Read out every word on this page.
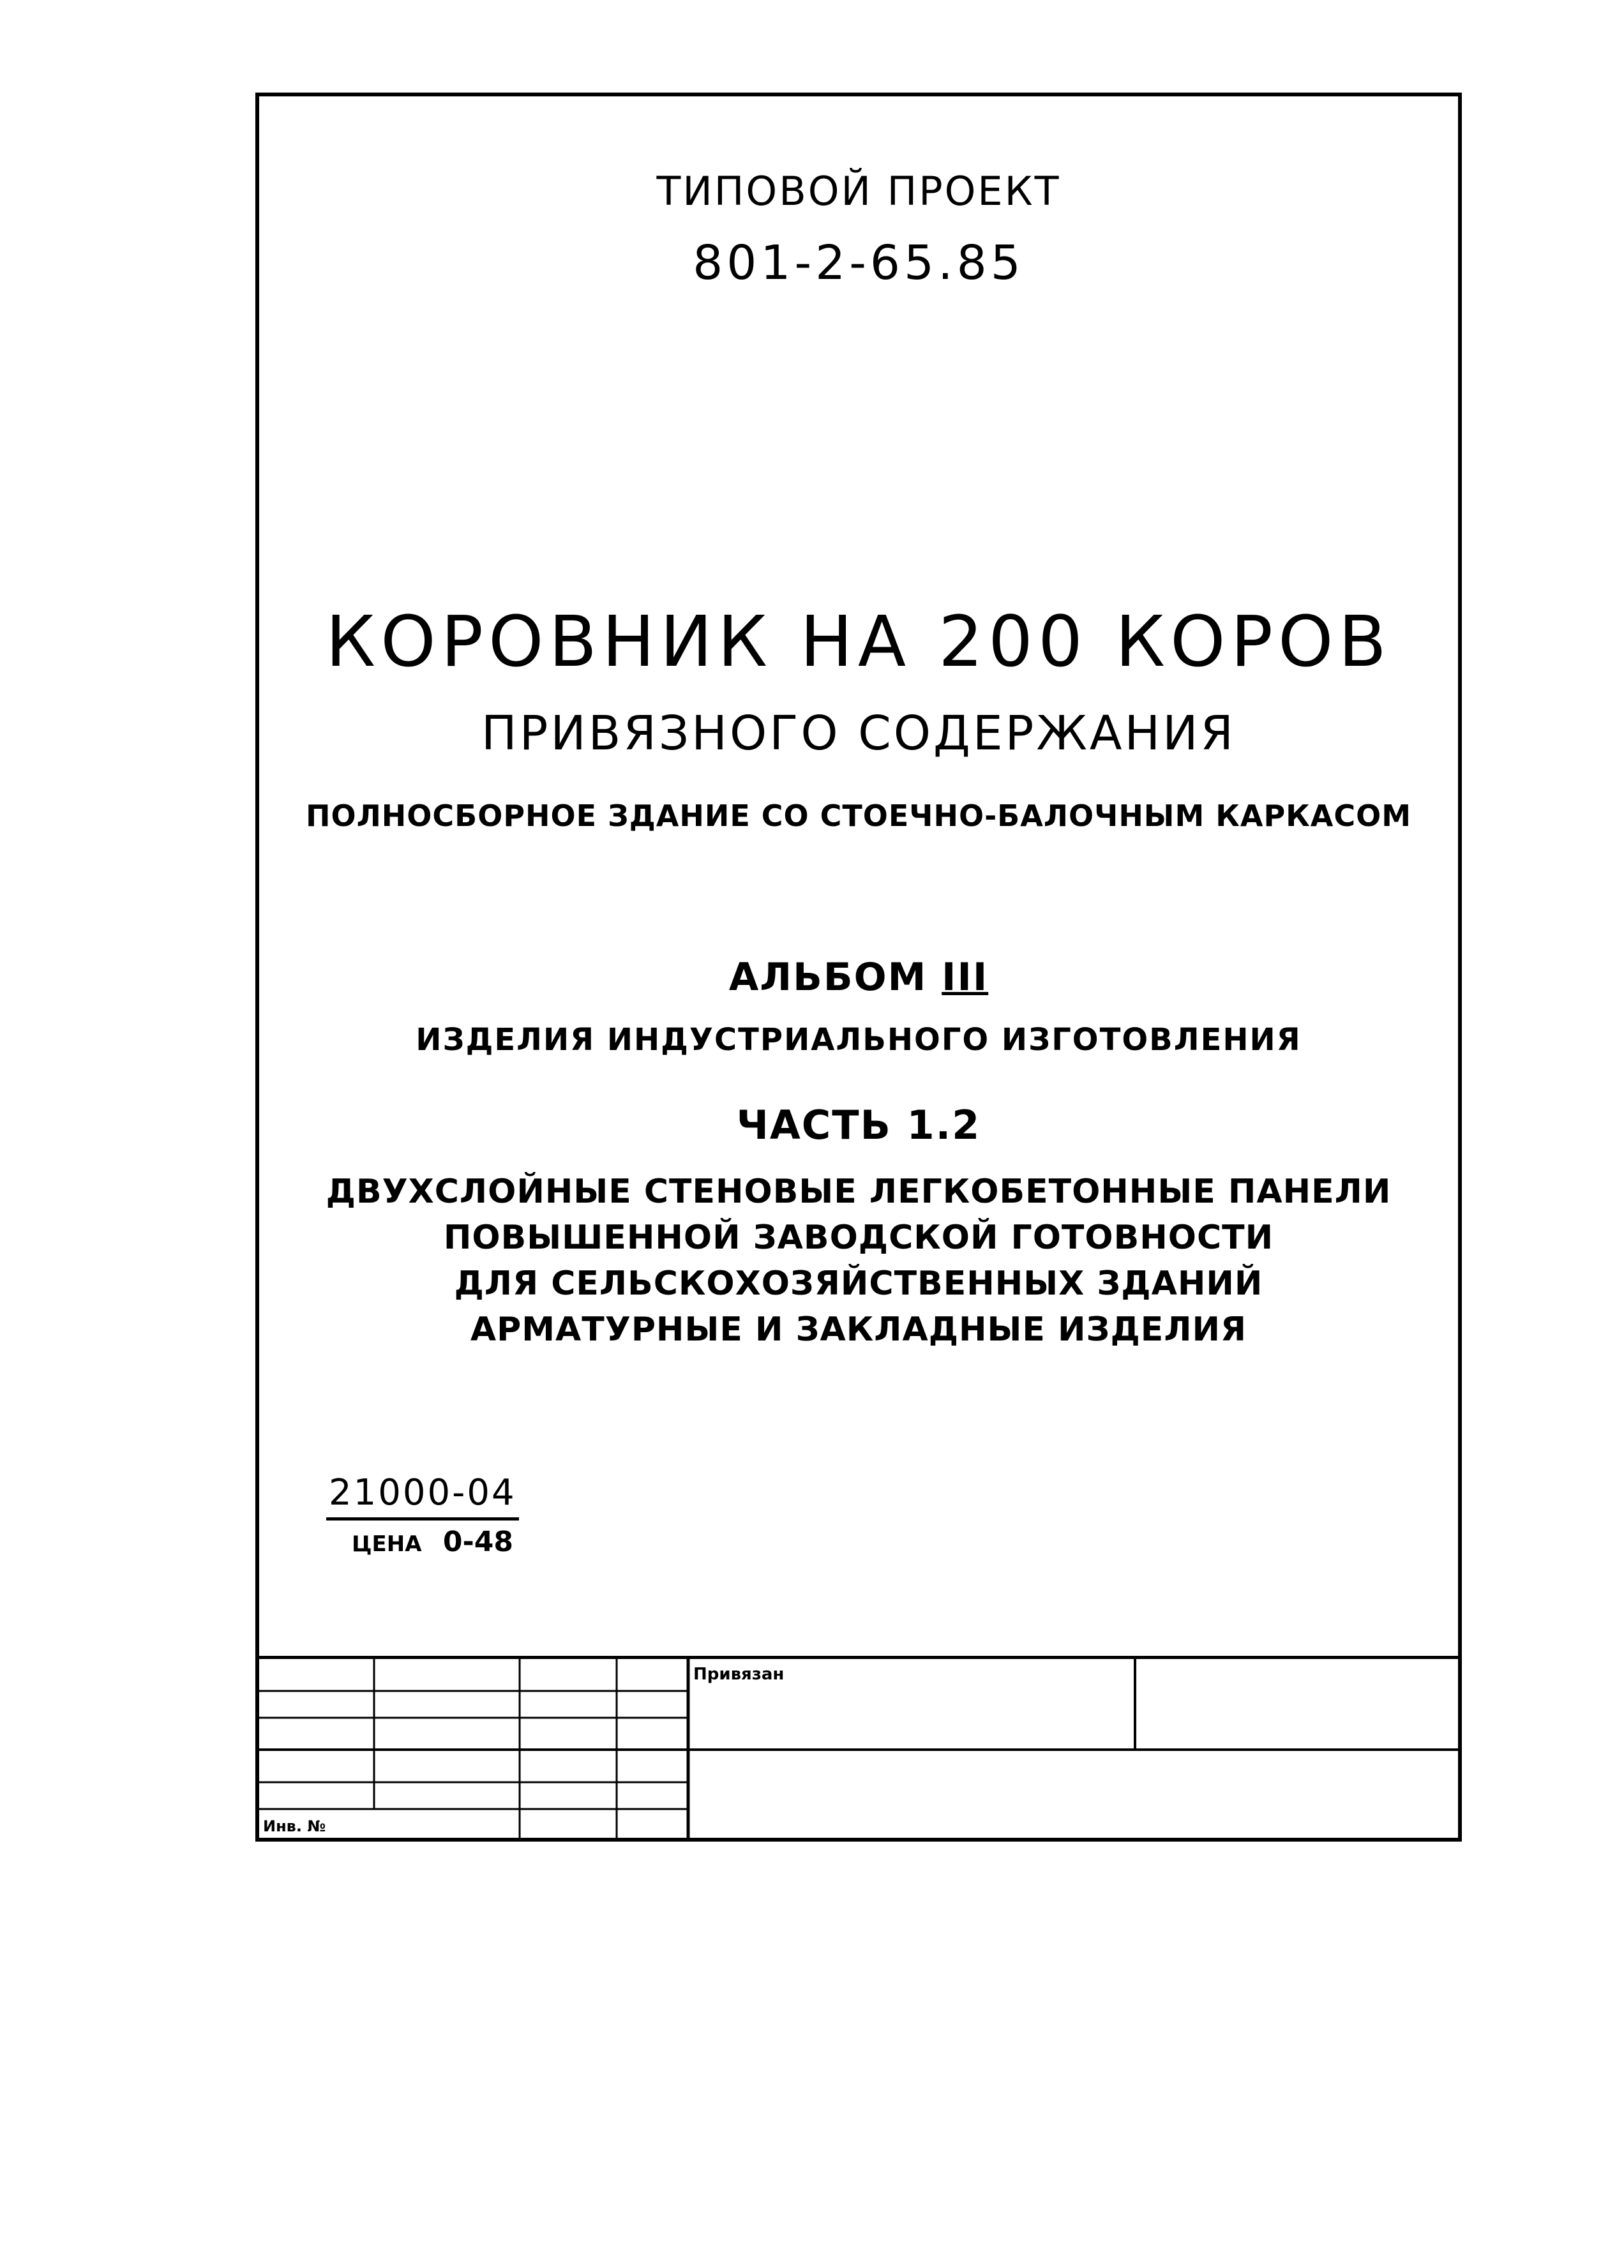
ТИПОВОЙ ПРОЕКТ
801-2-65.85
КОРОВНИК НА 200 КОРОВ
ПРИВЯЗНОГО СОДЕРЖАНИЯ
ПОЛНОСБОРНОЕ ЗДАНИЕ СО СТОЕЧНО-БАЛОЧНЫМ КАРКАСОМ
АЛЬБОМ III
ИЗДЕЛИЯ ИНДУСТРИАЛЬНОГО ИЗГОТОВЛЕНИЯ
ЧАСТЬ 1.2
ДВУХСЛОЙНЫЕ СТЕНОВЫЕ ЛЕГКОБЕТОННЫЕ ПАНЕЛИ
ПОВЫШЕННОЙ ЗАВОДСКОЙ ГОТОВНОСТИ
ДЛЯ СЕЛЬСКОХОЗЯЙСТВЕННЫХ ЗДАНИЙ
АРМАТУРНЫЕ И ЗАКЛАДНЫЕ ИЗДЕЛИЯ
21000-04
ЦЕНА 0-48
Привязан
Инв. №
